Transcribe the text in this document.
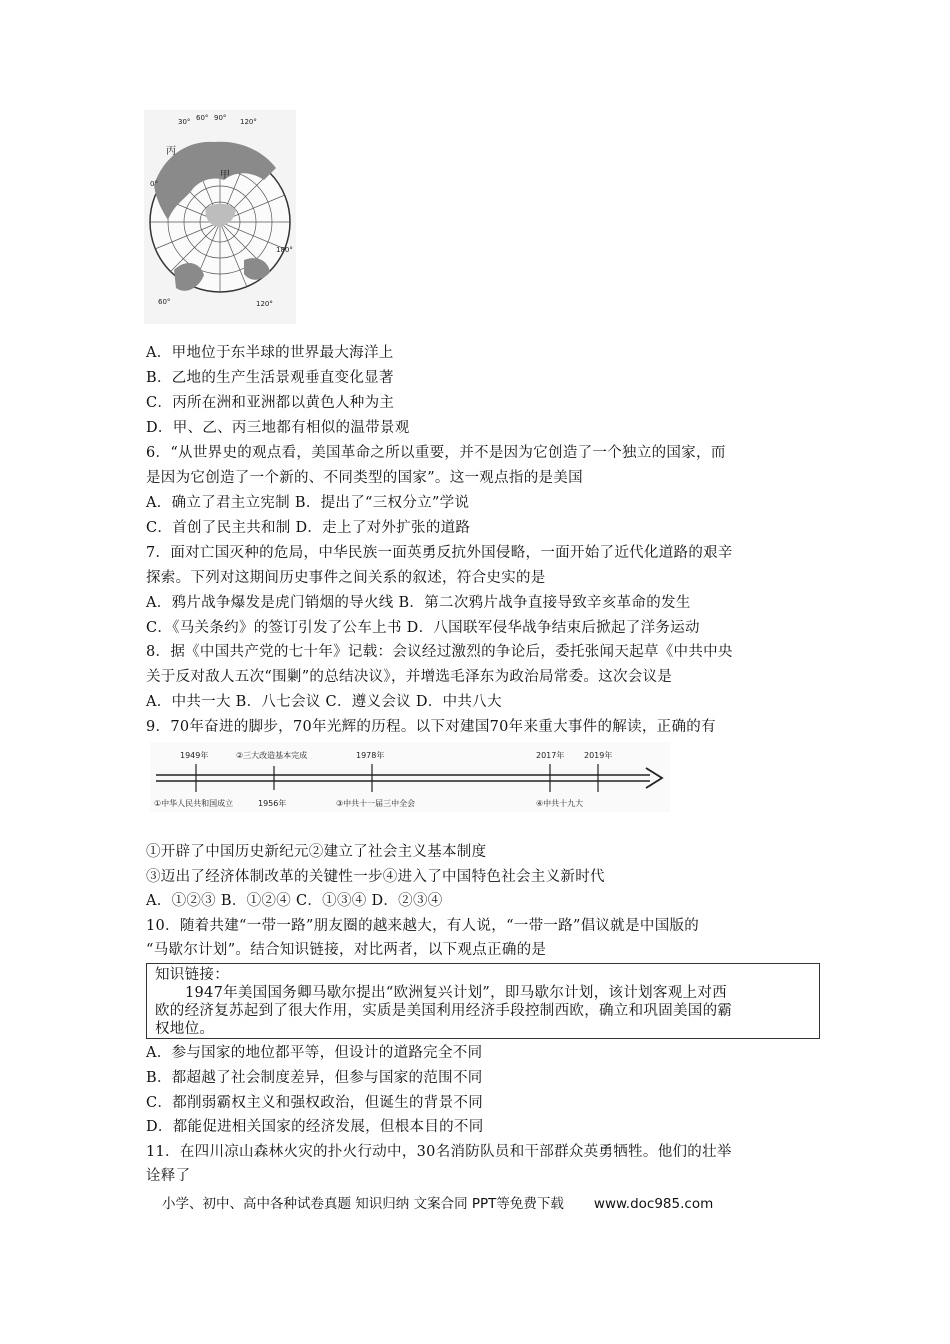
30° 60° 90° 120°
丙
甲
0°
180°
60°	120°
A．甲地位于东半球的世界最大海洋上
B．乙地的生产生活景观垂直变化显著
C．丙所在洲和亚洲都以黄色人种为主
D．甲、乙、丙三地都有相似的温带景观
6．“从世界史的观点看，美国革命之所以重要，并不是因为它创造了一个独立的国家，而
是因为它创造了一个新的、不同类型的国家”。这一观点指的是美国
A．确立了君主立宪制 B．提出了“三权分立”学说
C．首创了民主共和制 D．走上了对外扩张的道路
7．面对亡国灭种的危局，中华民族一面英勇反抗外国侵略，一面开始了近代化道路的艰辛
探索。下列对这期间历史事件之间关系的叙述，符合史实的是
A．鸦片战争爆发是虎门销烟的导火线 B．第二次鸦片战争直接导致辛亥革命的发生
C．《马关条约》的签订引发了公车上书 D．八国联军侵华战争结束后掀起了洋务运动
8．据《中国共产党的七十年》记载：会议经过激烈的争论后，委托张闻天起草《中共中央
关于反对敌人五次“围剿”的总结决议》，并增选毛泽东为政治局常委。这次会议是
A．中共一大 B．八七会议 C．遵义会议 D．中共八大
9．70年奋进的脚步，70年光辉的历程。以下对建国70年来重大事件的解读，正确的有
1949年	②三大改造基本完成	1978年	2017年 2019年
①中华人民共和国成立	1956年	③中共十一届三中全会	④中共十九大
①开辟了中国历史新纪元②建立了社会主义基本制度
③迈出了经济体制改革的关键性一步④进入了中国特色社会主义新时代
A．①②③ B．①②④ C．①③④ D．②③④
10．随着共建“一带一路”朋友圈的越来越大，有人说，“一带一路”倡议就是中国版的
“马歇尔计划”。结合知识链接，对比两者，以下观点正确的是
知识链接：
1947年美国国务卿马歇尔提出“欧洲复兴计划”，即马歇尔计划，该计划客观上对西
欧的经济复苏起到了很大作用，实质是美国利用经济手段控制西欧，确立和巩固美国的霸
权地位。
A．参与国家的地位都平等，但设计的道路完全不同
B．都超越了社会制度差异，但参与国家的范围不同
C．都削弱霸权主义和强权政治，但诞生的背景不同
D．都能促进相关国家的经济发展，但根本目的不同
11．在四川凉山森林火灾的扑火行动中，30名消防队员和干部群众英勇牺牲。他们的壮举
诠释了
小学、初中、高中各种试卷真题 知识归纳 文案合同 PPT等免费下载 www.doc985.com
